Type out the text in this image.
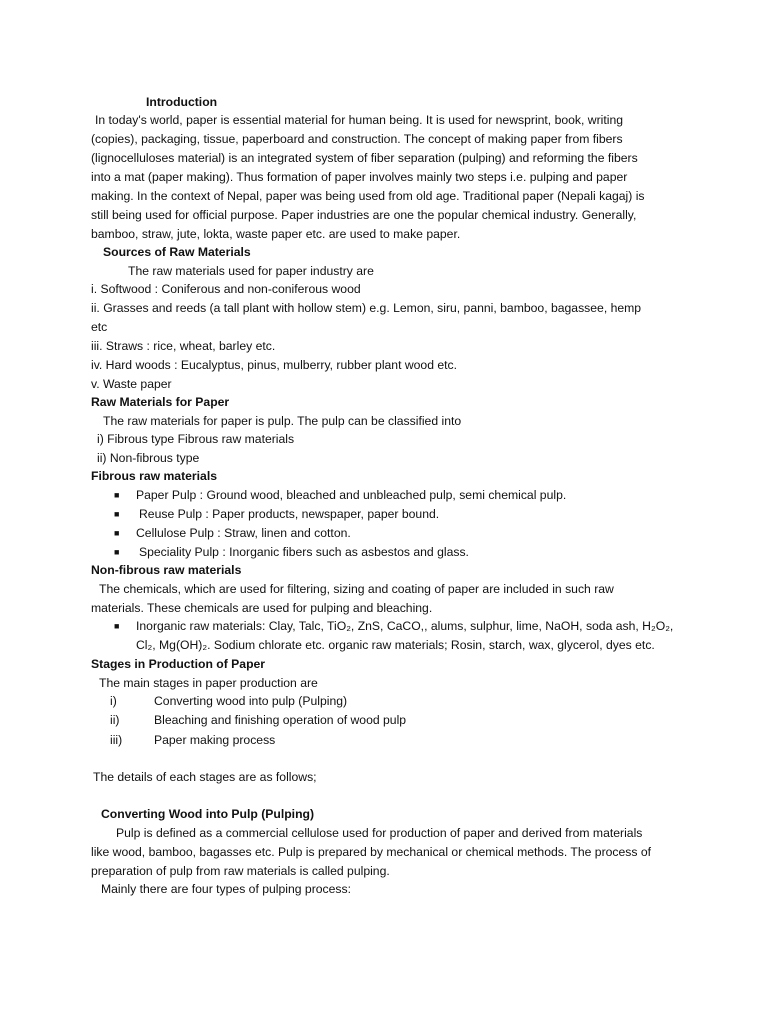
Introduction
In today's world, paper is essential material for human being. It is used for newsprint, book, writing
(copies), packaging, tissue, paperboard and construction. The concept of making paper from fibers
(lignocelluloses material) is an integrated system of fiber separation (pulping) and reforming the fibers
into a mat (paper making). Thus formation of paper involves mainly two steps i.e. pulping and paper
making. In the context of Nepal, paper was being used from old age. Traditional paper (Nepali kagaj) is
still being used for official purpose. Paper industries are one the popular chemical industry. Generally,
bamboo, straw, jute, lokta, waste paper etc. are used to make paper.
Sources of Raw Materials
The raw materials used for paper industry are
i. Softwood : Coniferous and non-coniferous wood
ii. Grasses and reeds (a tall plant with hollow stem) e.g. Lemon, siru, panni, bamboo, bagassee, hemp
etc
iii. Straws : rice, wheat, barley etc.
iv. Hard woods : Eucalyptus, pinus, mulberry, rubber plant wood etc.
v. Waste paper
Raw Materials for Paper
The raw materials for paper is pulp. The pulp can be classified into
i) Fibrous type Fibrous raw materials
ii) Non-fibrous type
Fibrous raw materials
■ Paper Pulp : Ground wood, bleached and unbleached pulp, semi chemical pulp.
■ Reuse Pulp : Paper products, newspaper, paper bound.
■ Cellulose Pulp : Straw, linen and cotton.
■ Speciality Pulp : Inorganic fibers such as asbestos and glass.
Non-fibrous raw materials
The chemicals, which are used for filtering, sizing and coating of paper are included in such raw
materials. These chemicals are used for pulping and bleaching.
■ Inorganic raw materials: Clay, Talc, TiO₂, ZnS, CaCO,, alums, sulphur, lime, NaOH, soda ash, H₂O₂,
Cl₂, Mg(OH)₂. Sodium chlorate etc. organic raw materials; Rosin, starch, wax, glycerol, dyes etc.
Stages in Production of Paper
The main stages in paper production are
i)	Converting wood into pulp (Pulping)
ii)	Bleaching and finishing operation of wood pulp
iii)	Paper making process
The details of each stages are as follows;
Converting Wood into Pulp (Pulping)
Pulp is defined as a commercial cellulose used for production of paper and derived from materials
like wood, bamboo, bagasses etc. Pulp is prepared by mechanical or chemical methods. The process of
preparation of pulp from raw materials is called pulping.
Mainly there are four types of pulping process:
